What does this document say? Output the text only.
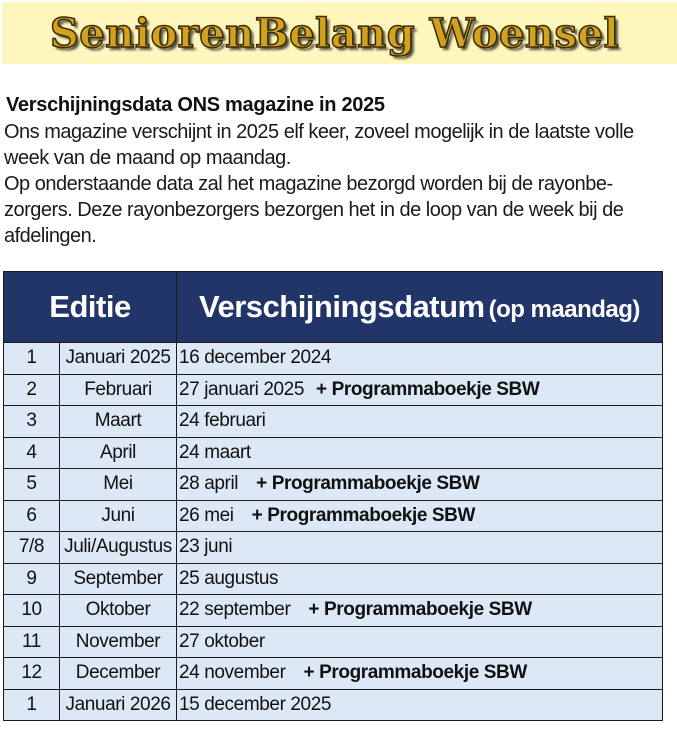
SeniorenBelang Woensel
Verschijningsdata ONS magazine in 2025

Ons magazine verschijnt in 2025 elf keer, zoveel mogelijk in de laatste volle week van de maand op maandag.

Op onderstaande data zal het magazine bezorgd worden bij de rayonbe-zorgers. Deze rayonbezorgers bezorgen het in de loop van de week bij de afdelingen.

Editie		Verschijningsdatum (op maandag)
1	Januari 2025	16 december 2024
2	Februari	27 januari 2025 + Programmaboekje SBW
3	Maart	24 februari
4	April	24 maart
5	Mei	28 april + Programmaboekje SBW
6	Juni	26 mei + Programmaboekje SBW
7/8	Juli/Augustus	23 juni
9	September	25 augustus
10	Oktober	22 september + Programmaboekje SBW
11	November	27 oktober
12	December	24 november + Programmaboekje SBW
1	Januari 2026	15 december 2025
